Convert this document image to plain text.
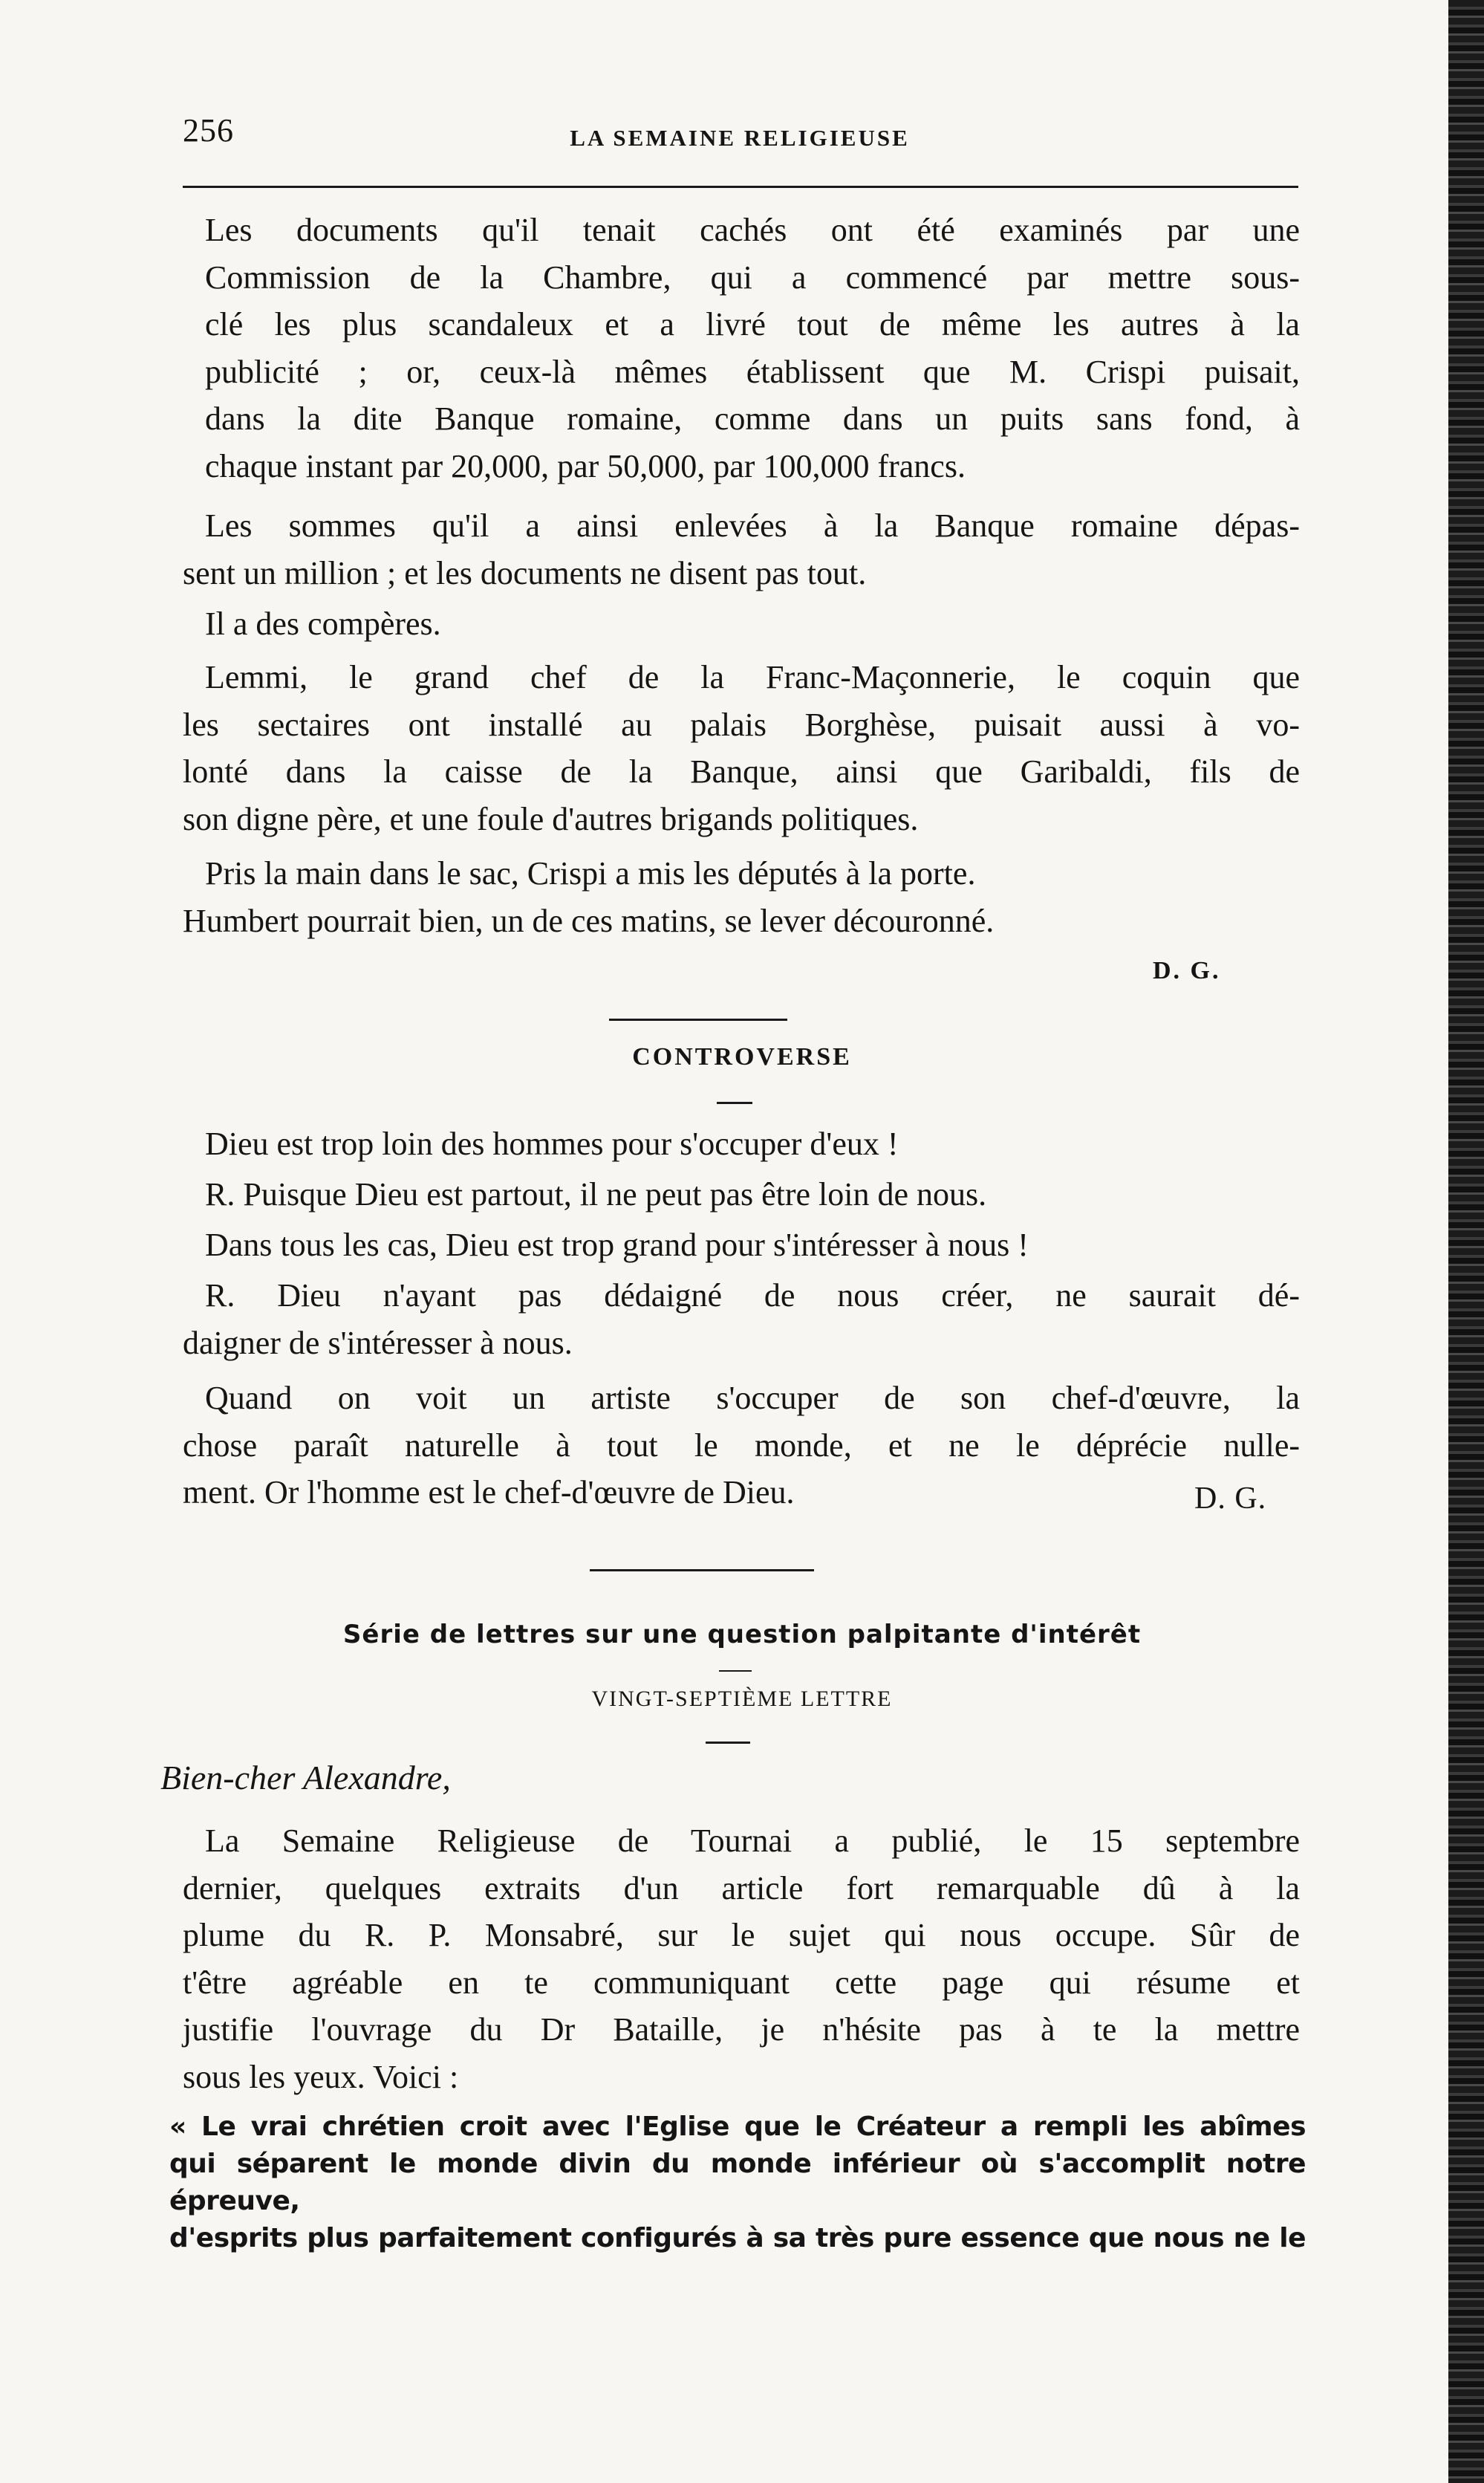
256	LA SEMAINE RELIGIEUSE
Les documents qu'il tenait cachés ont été examinés par une
Commission de la Chambre, qui a commencé par mettre sous-
clé les plus scandaleux et a livré tout de même les autres à la
publicité ; or, ceux-là mêmes établissent que M. Crispi puisait,
dans la dite Banque romaine, comme dans un puits sans fond, à
chaque instant par 20,000, par 50,000, par 100,000 francs.
Les sommes qu'il a ainsi enlevées à la Banque romaine dépas-
sent un million ; et les documents ne disent pas tout.
Il a des compères.
Lemmi, le grand chef de la Franc-Maçonnerie, le coquin que
les sectaires ont installé au palais Borghèse, puisait aussi à vo-
lonté dans la caisse de la Banque, ainsi que Garibaldi, fils de
son digne père, et une foule d'autres brigands politiques.
Pris la main dans le sac, Crispi a mis les députés à la porte.
Humbert pourrait bien, un de ces matins, se lever découronné.
D. G.
CONTROVERSE
Dieu est trop loin des hommes pour s'occuper d'eux !
R. Puisque Dieu est partout, il ne peut pas être loin de nous.
Dans tous les cas, Dieu est trop grand pour s'intéresser à nous !
R. Dieu n'ayant pas dédaigné de nous créer, ne saurait dé-
daigner de s'intéresser à nous.
Quand on voit un artiste s'occuper de son chef-d'œuvre, la
chose paraît naturelle à tout le monde, et ne le déprécie nulle-
ment. Or l'homme est le chef-d'œuvre de Dieu.	D. G.
Série de lettres sur une question palpitante d'intérêt
VINGT-SEPTIÈME LETTRE
Bien-cher Alexandre,
La Semaine Religieuse de Tournai a publié, le 15 septembre
dernier, quelques extraits d'un article fort remarquable dû à la
plume du R. P. Monsabré, sur le sujet qui nous occupe. Sûr de
t'être agréable en te communiquant cette page qui résume et
justifie l'ouvrage du Dr Bataille, je n'hésite pas à te la mettre
sous les yeux. Voici :
« Le vrai chrétien croit avec l'Eglise que le Créateur a rempli les abîmes
qui séparent le monde divin du monde inférieur où s'accomplit notre épreuve,
d'esprits plus parfaitement configurés à sa très pure essence que nous ne le
